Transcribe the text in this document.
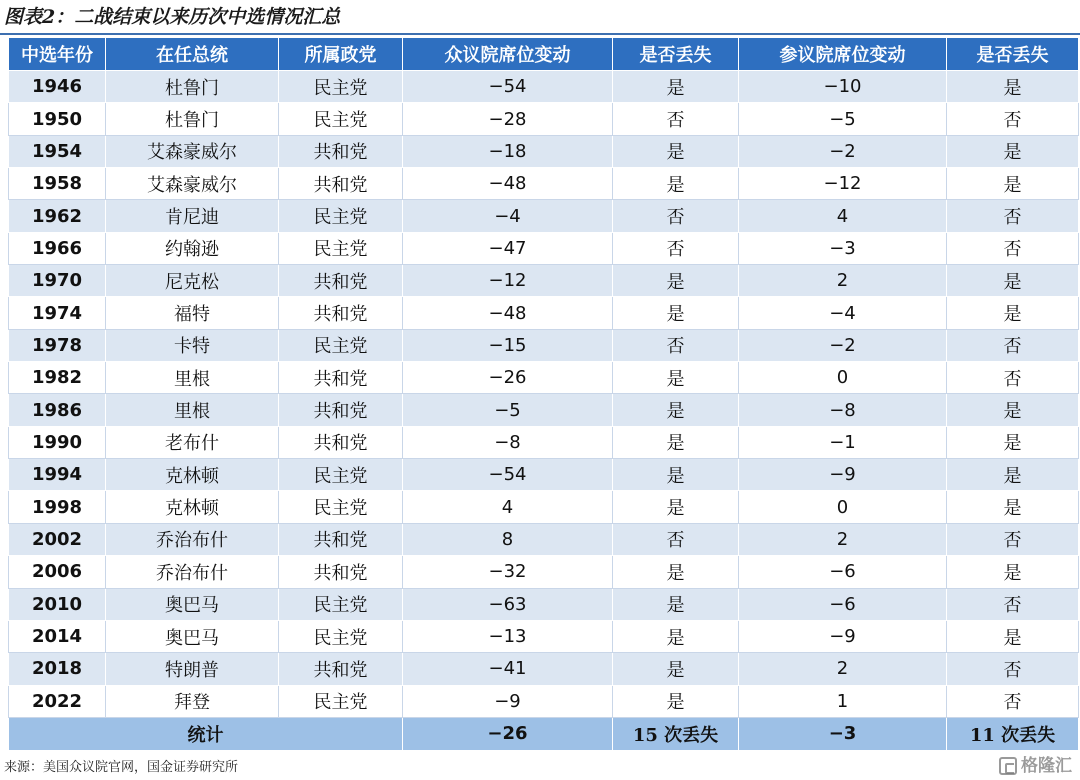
图表2：二战结束以来历次中选情况汇总
中选年份	在任总统	所属政党	众议院席位变动	是否丢失	参议院席位变动	是否丢失
1946	杜鲁门	民主党	−54	是	−10	是
1950	杜鲁门	民主党	−28	否	−5	否
1954	艾森豪威尔	共和党	−18	是	−2	是
1958	艾森豪威尔	共和党	−48	是	−12	是
1962	肯尼迪	民主党	−4	否	4	否
1966	约翰逊	民主党	−47	否	−3	否
1970	尼克松	共和党	−12	是	2	是
1974	福特	共和党	−48	是	−4	是
1978	卡特	民主党	−15	否	−2	否
1982	里根	共和党	−26	是	0	否
1986	里根	共和党	−5	是	−8	是
1990	老布什	共和党	−8	是	−1	是
1994	克林顿	民主党	−54	是	−9	是
1998	克林顿	民主党	4	是	0	是
2002	乔治布什	共和党	8	否	2	否
2006	乔治布什	共和党	−32	是	−6	是
2010	奥巴马	民主党	−63	是	−6	否
2014	奥巴马	民主党	−13	是	−9	是
2018	特朗普	共和党	−41	是	2	否
2022	拜登	民主党	−9	是	1	否
统计			−26	15 次丢失	−3	11 次丢失
来源：美国众议院官网，国金证券研究所	格隆汇
